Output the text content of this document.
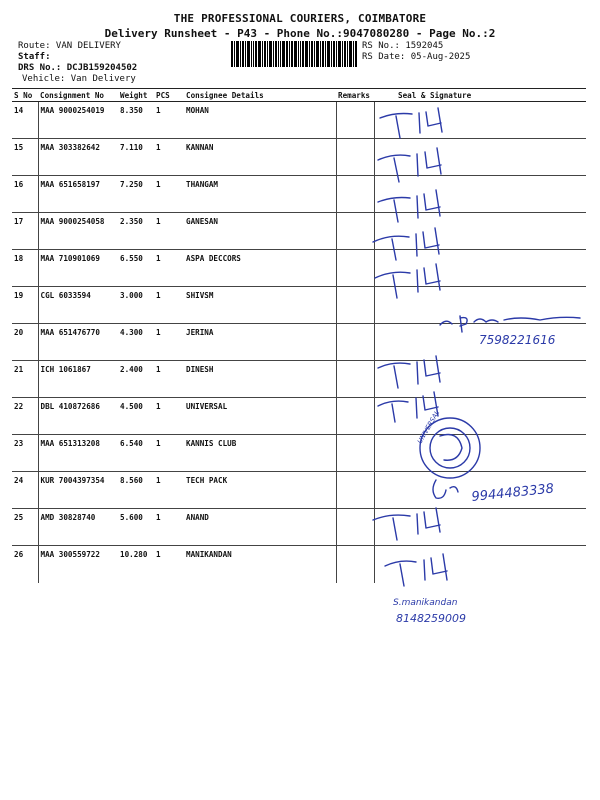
THE PROFESSIONAL COURIERS, COIMBATORE
Delivery Runsheet - P43 - Phone No.:9047080280 - Page No.:2
Route: VAN DELIVERY
Staff:
DRS No.: DCJB159204502
Vehicle: Van Delivery
RS No.: 1592045
RS Date: 05-Aug-2025
S No	Consignment No	Weight	PCS	Consignee Details	Remarks	Seal & Signature
14	MAA 9000254019	8.350	1	MOHAN		
15	MAA 303382642	7.110	1	KANNAN		
16	MAA 651658197	7.250	1	THANGAM		
17	MAA 9000254058	2.350	1	GANESAN		
18	MAA 710901069	6.550	1	ASPA DECCORS		
19	CGL 6033594	3.000	1	SHIVSM		
20	MAA 651476770	4.300	1	JERINA		
21	ICH 1061867	2.400	1	DINESH		
22	DBL 410872686	4.500	1	UNIVERSAL		
23	MAA 651313208	6.540	1	KANNIS CLUB		
24	KUR 7004397354	8.560	1	TECH PACK		
25	AMD 30828740	5.600	1	ANAND		
26	MAA 300559722	10.280	1	MANIKANDAN		
7598221616
9944483338
S.manikandan
8148259009
UNIVERSAL
